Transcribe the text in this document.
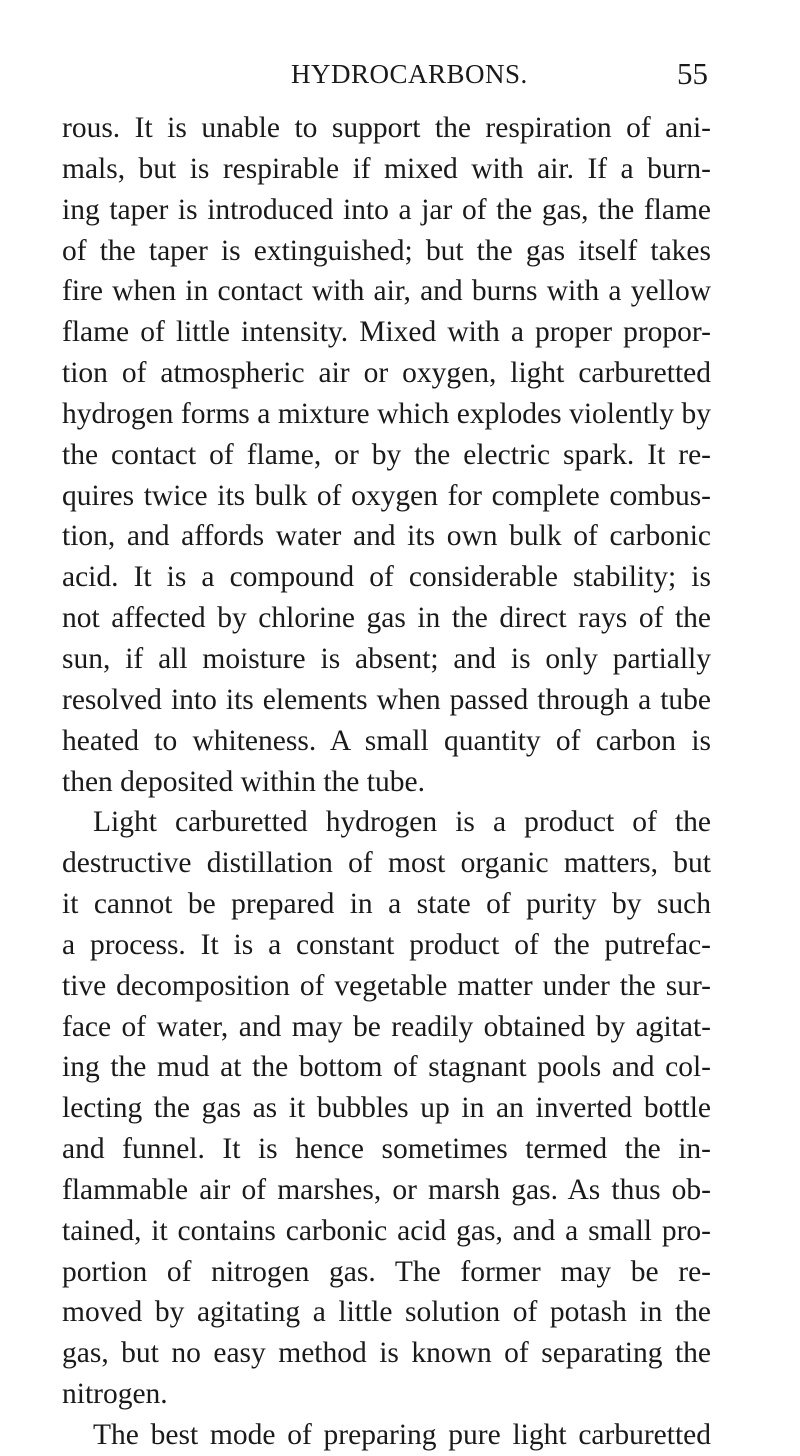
HYDROCARBONS.	55
rous. It is unable to support the respiration of ani-
mals, but is respirable if mixed with air. If a burn-
ing taper is introduced into a jar of the gas, the flame
of the taper is extinguished; but the gas itself takes
fire when in contact with air, and burns with a yellow
flame of little intensity. Mixed with a proper propor-
tion of atmospheric air or oxygen, light carburetted
hydrogen forms a mixture which explodes violently by
the contact of flame, or by the electric spark. It re-
quires twice its bulk of oxygen for complete combus-
tion, and affords water and its own bulk of carbonic
acid. It is a compound of considerable stability; is
not affected by chlorine gas in the direct rays of the
sun, if all moisture is absent; and is only partially
resolved into its elements when passed through a tube
heated to whiteness. A small quantity of carbon is
then deposited within the tube.
Light carburetted hydrogen is a product of the
destructive distillation of most organic matters, but
it cannot be prepared in a state of purity by such
a process. It is a constant product of the putrefac-
tive decomposition of vegetable matter under the sur-
face of water, and may be readily obtained by agitat-
ing the mud at the bottom of stagnant pools and col-
lecting the gas as it bubbles up in an inverted bottle
and funnel. It is hence sometimes termed the in-
flammable air of marshes, or marsh gas. As thus ob-
tained, it contains carbonic acid gas, and a small pro-
portion of nitrogen gas. The former may be re-
moved by agitating a little solution of potash in the
gas, but no easy method is known of separating the
nitrogen.
The best mode of preparing pure light carburetted
